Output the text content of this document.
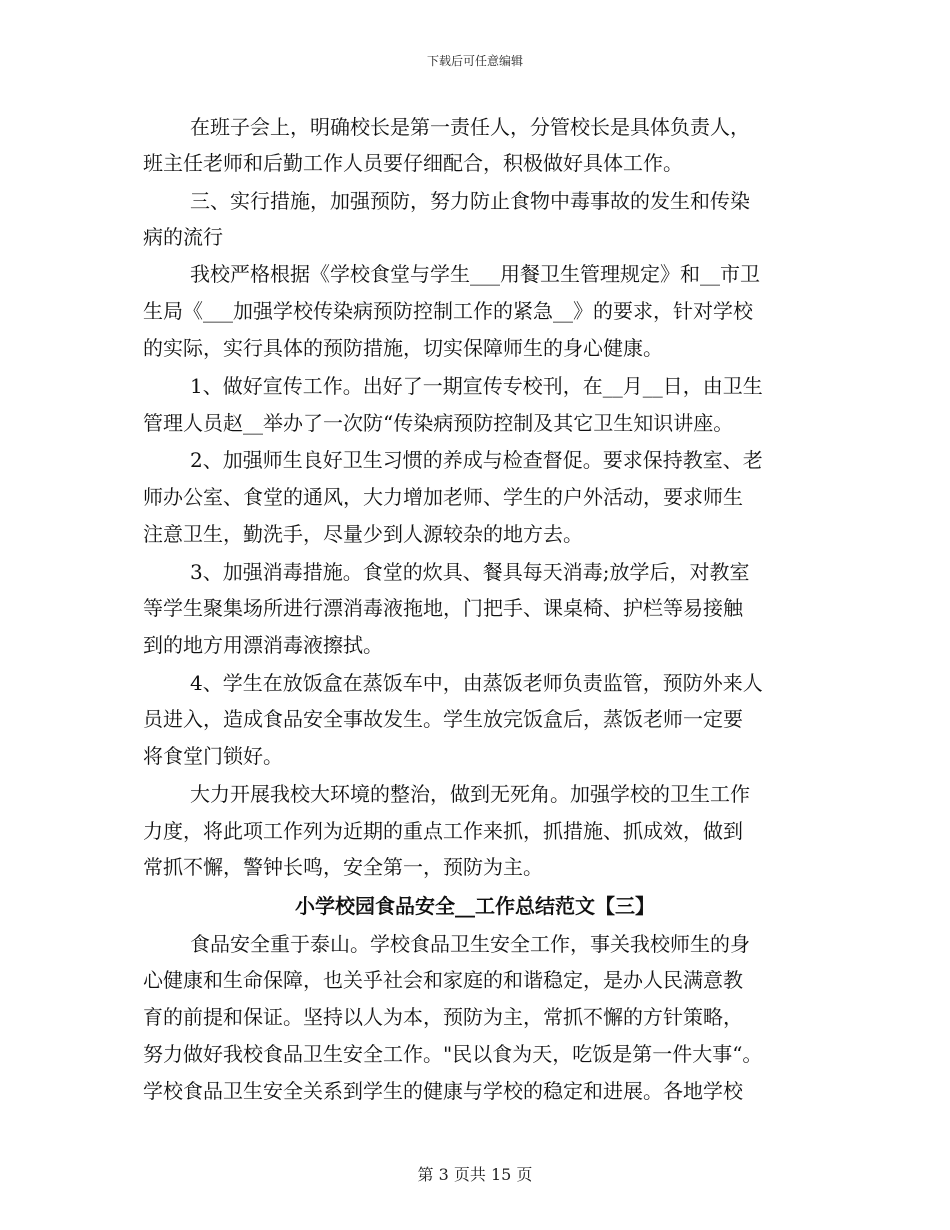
下载后可任意编辑
在班子会上，明确校长是第一责任人，分管校长是具体负责人，
班主任老师和后勤工作人员要仔细配合，积极做好具体工作。
三、实行措施，加强预防，努力防止食物中毒事故的发生和传染
病的流行
我校严格根据《学校食堂与学生___用餐卫生管理规定》和__市卫
生局《___加强学校传染病预防控制工作的紧急__》的要求，针对学校
的实际，实行具体的预防措施，切实保障师生的身心健康。
1、做好宣传工作。出好了一期宣传专校刊，在__月__日，由卫生
管理人员赵__举办了一次防“传染病预防控制及其它卫生知识讲座。
2、加强师生良好卫生习惯的养成与检查督促。要求保持教室、老
师办公室、食堂的通风，大力增加老师、学生的户外活动，要求师生
注意卫生，勤洗手，尽量少到人源较杂的地方去。
3、加强消毒措施。食堂的炊具、餐具每天消毒;放学后，对教室
等学生聚集场所进行漂消毒液拖地，门把手、课桌椅、护栏等易接触
到的地方用漂消毒液擦拭。
4、学生在放饭盒在蒸饭车中，由蒸饭老师负责监管，预防外来人
员进入，造成食品安全事故发生。学生放完饭盒后，蒸饭老师一定要
将食堂门锁好。
大力开展我校大环境的整治，做到无死角。加强学校的卫生工作
力度，将此项工作列为近期的重点工作来抓，抓措施、抓成效，做到
常抓不懈，警钟长鸣，安全第一，预防为主。
小学校园食品安全__工作总结范文【三】
食品安全重于泰山。学校食品卫生安全工作，事关我校师生的身
心健康和生命保障，也关乎社会和家庭的和谐稳定，是办人民满意教
育的前提和保证。坚持以人为本，预防为主，常抓不懈的方针策略，
努力做好我校食品卫生安全工作。"民以食为天，吃饭是第一件大事“。
学校食品卫生安全关系到学生的健康与学校的稳定和进展。各地学校
第 3 页共 15 页
